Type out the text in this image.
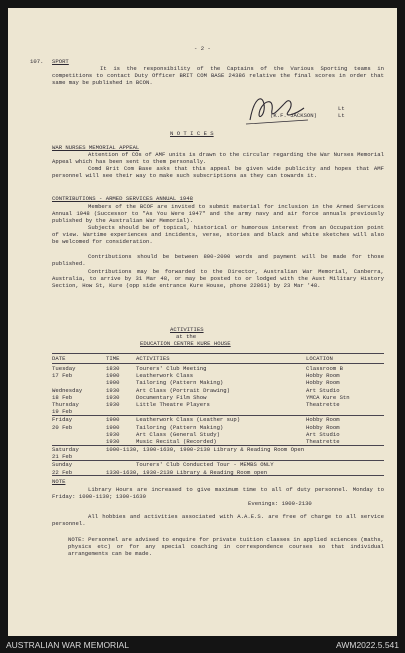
- 2 -
107. SPORT
It is the responsibility of the Captains of the Various Sporting teams in competitions to contact Duty Officer BRIT COM BASE 24386 relative the final scores in order that same may be published in BCON.
Lt
(K.F. JACKSON)	Lt
N O T I C E S
WAR NURSES MEMORIAL APPEAL
Attention of COs of AMF units is drawn to the circular regarding the War Nurses Memorial Appeal which has been sent to them personally.
Comd Brit Com Base asks that this appeal be given wide publicity and hopes that AMF personnel will see their way to make such subscriptions as they can towards it.
CONTRIBUTIONS - ARMED SERVICES ANNUAL 1948
Members of the BCOF are invited to submit material for inclusion in the Armed Services Annual 1948 (Successor to "As You Were 1947" and the army navy and air force annuals previously published by the Australian War Memorial).
Subjects should be of topical, historical or humorous interest from an Occupation point of view. Wartime experiences and incidents, verse, stories and black and white sketches will also be welcomed for consideration.
Contributions should be between 800-2000 words and payment will be made for those published.
Contributions may be forwarded to the Director, Australian War Memorial, Canberra, Australia, to arrive by 31 Mar 48, or may be posted to or lodged with the Aust Military History Section, How St, Kure (opp side entrance Kure House, phone 22861) by 23 Mar '48.
ACTIVITIES
at the
EDUCATION CENTRE KURE HOUSE
DATE	TIME	ACTIVITIES	LOCATION
Tuesday	1830	Tourers' Club Meeting	Classroom B
17 Feb	1900	Leatherwork Class	Hobby Room
1900	Tailoring (Pattern Making)	Hobby Room
Wednesday	1930	Art Class (Portrait Drawing)	Art Studio
18 Feb	1930	Documentary Film Show	YMCA Kure Stn
Thursday	1930	Little Theatre Players	Theatrette
19 Feb
Friday	1900	Leatherwork Class (Leather sup)	Hobby Room
20 Feb	1900	Tailoring (Pattern Making)	Hobby Room
1930	Art Class (General Study)	Art Studio
1930	Music Recital (Recorded)	Theatrette
Saturday	1000-1130, 1300-1630, 1900-2130 Library & Reading Room Open
21 Feb
Sunday	Tourers' Club Conducted Tour - MEMBS ONLY
22 Feb	1330-1630, 1930-2130 Library & Reading Room open
NOTE
Library Hours are increased to give maximum time to all of duty personnel. Monday to Friday: 1000-1130; 1300-1630
Evenings: 1900-2130
All hobbies and activities associated with A.A.E.S. are free of charge to all service personnel.
NOTE: Personnel are advised to enquire for private tuition classes in applied sciences (maths, physics etc) or for any special coaching in correspondence courses so that individual arrangements can be made.
AUSTRALIAN WAR MEMORIAL	AWM2022.5.541
